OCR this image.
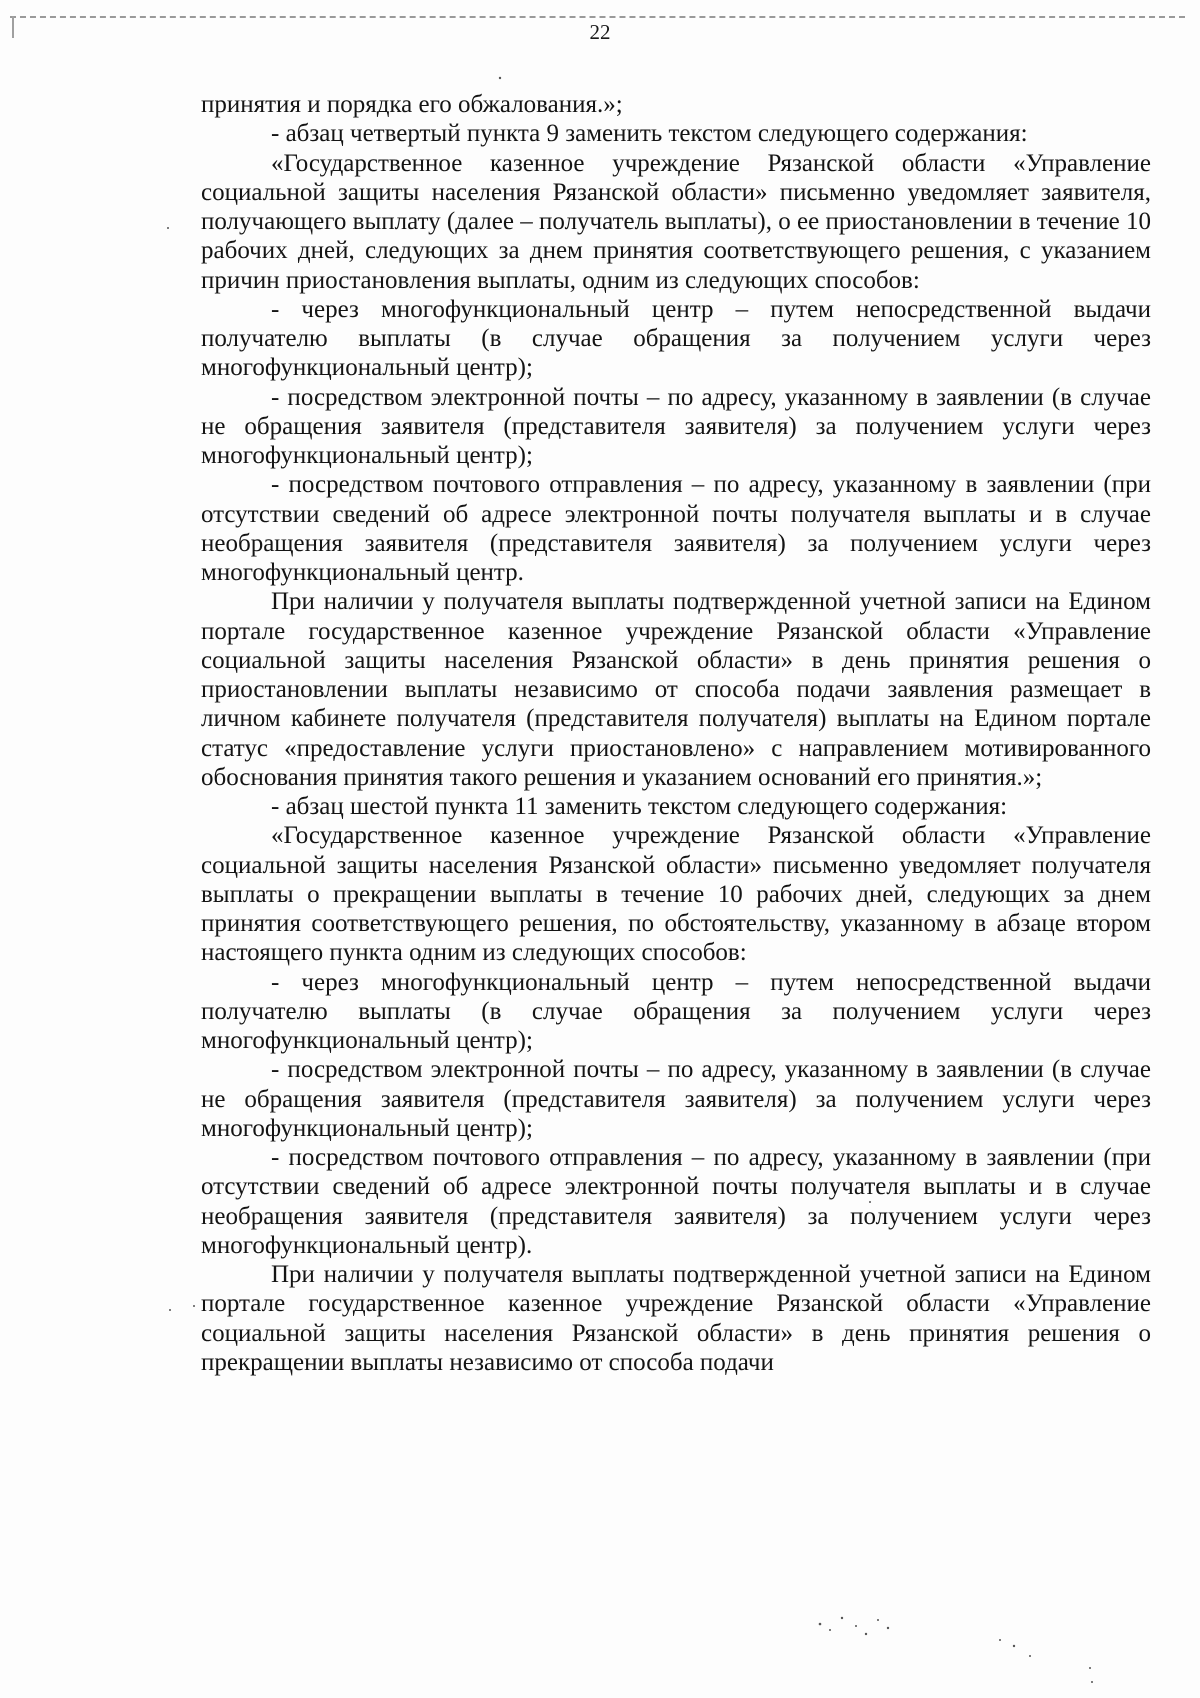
22

принятия и порядка его обжалования.»;

- абзац четвертый пункта 9 заменить текстом следующего содержания:

«Государственное казенное учреждение Рязанской области «Управление социальной защиты населения Рязанской области» письменно уведомляет заявителя, получающего выплату (далее – получатель выплаты), о ее приостановлении в течение 10 рабочих дней, следующих за днем принятия соответствующего решения, с указанием причин приостановления выплаты, одним из следующих способов:

- через многофункциональный центр – путем непосредственной выдачи получателю выплаты (в случае обращения за получением услуги через многофункциональный центр);

- посредством электронной почты – по адресу, указанному в заявлении (в случае не обращения заявителя (представителя заявителя) за получением услуги через многофункциональный центр);

- посредством почтового отправления – по адресу, указанному в заявлении (при отсутствии сведений об адресе электронной почты получателя выплаты и в случае необращения заявителя (представителя заявителя) за получением услуги через многофункциональный центр.

При наличии у получателя выплаты подтвержденной учетной записи на Едином портале государственное казенное учреждение Рязанской области «Управление социальной защиты населения Рязанской области» в день принятия решения о приостановлении выплаты независимо от способа подачи заявления размещает в личном кабинете получателя (представителя получателя) выплаты на Едином портале статус «предоставление услуги приостановлено» с направлением мотивированного обоснования принятия такого решения и указанием оснований его принятия.»;

- абзац шестой пункта 11 заменить текстом следующего содержания:

«Государственное казенное учреждение Рязанской области «Управление социальной защиты населения Рязанской области» письменно уведомляет получателя выплаты о прекращении выплаты в течение 10 рабочих дней, следующих за днем принятия соответствующего решения, по обстоятельству, указанному в абзаце втором настоящего пункта одним из следующих способов:

- через многофункциональный центр – путем непосредственной выдачи получателю выплаты (в случае обращения за получением услуги через многофункциональный центр);

- посредством электронной почты – по адресу, указанному в заявлении (в случае не обращения заявителя (представителя заявителя) за получением услуги через многофункциональный центр);

- посредством почтового отправления – по адресу, указанному в заявлении (при отсутствии сведений об адресе электронной почты получателя выплаты и в случае необращения заявителя (представителя заявителя) за получением услуги через многофункциональный центр).

При наличии у получателя выплаты подтвержденной учетной записи на Едином портале государственное казенное учреждение Рязанской области «Управление социальной защиты населения Рязанской области» в день принятия решения о прекращении выплаты независимо от способа подачи
